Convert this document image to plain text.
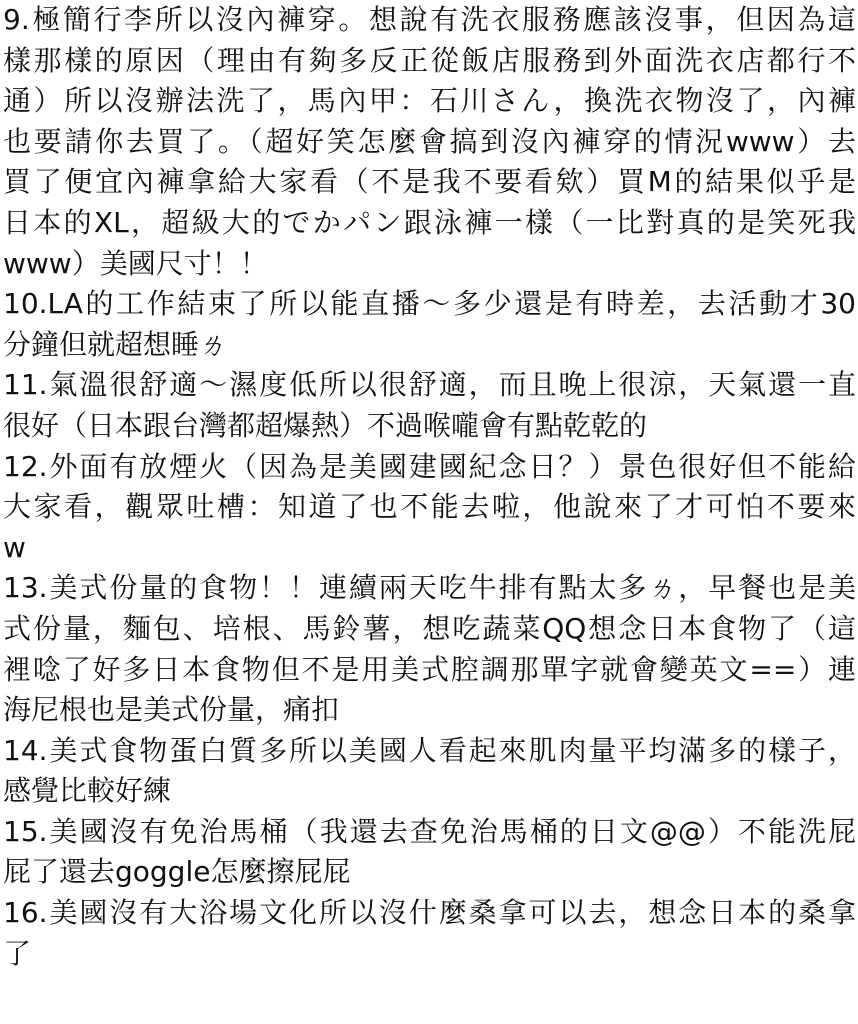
9.極簡行李所以沒內褲穿。想說有洗衣服務應該沒事，但因為這
樣那樣的原因（理由有夠多反正從飯店服務到外面洗衣店都行不
通）所以沒辦法洗了，馬內甲：石川さん，換洗衣物沒了，內褲
也要請你去買了。（超好笑怎麼會搞到沒內褲穿的情況www）去
買了便宜內褲拿給大家看（不是我不要看欸）買M的結果似乎是
日本的XL，超級大的でかパン跟泳褲一樣（一比對真的是笑死我
www）美國尺寸！！
10.LA的工作結束了所以能直播～多少還是有時差，去活動才30
分鐘但就超想睡ㄌ
11.氣溫很舒適～濕度低所以很舒適，而且晚上很涼，天氣還一直
很好（日本跟台灣都超爆熱）不過喉嚨會有點乾乾的
12.外面有放煙火（因為是美國建國紀念日？）景色很好但不能給
大家看，觀眾吐槽：知道了也不能去啦，他說來了才可怕不要來
w
13.美式份量的食物！！連續兩天吃牛排有點太多ㄌ，早餐也是美
式份量，麵包、培根、馬鈴薯，想吃蔬菜QQ想念日本食物了（這
裡唸了好多日本食物但不是用美式腔調那單字就會變英文==）連
海尼根也是美式份量，痛扣
14.美式食物蛋白質多所以美國人看起來肌肉量平均滿多的樣子，
感覺比較好練
15.美國沒有免治馬桶（我還去查免治馬桶的日文@@）不能洗屁
屁了還去goggle怎麼擦屁屁
16.美國沒有大浴場文化所以沒什麼桑拿可以去，想念日本的桑拿
了
